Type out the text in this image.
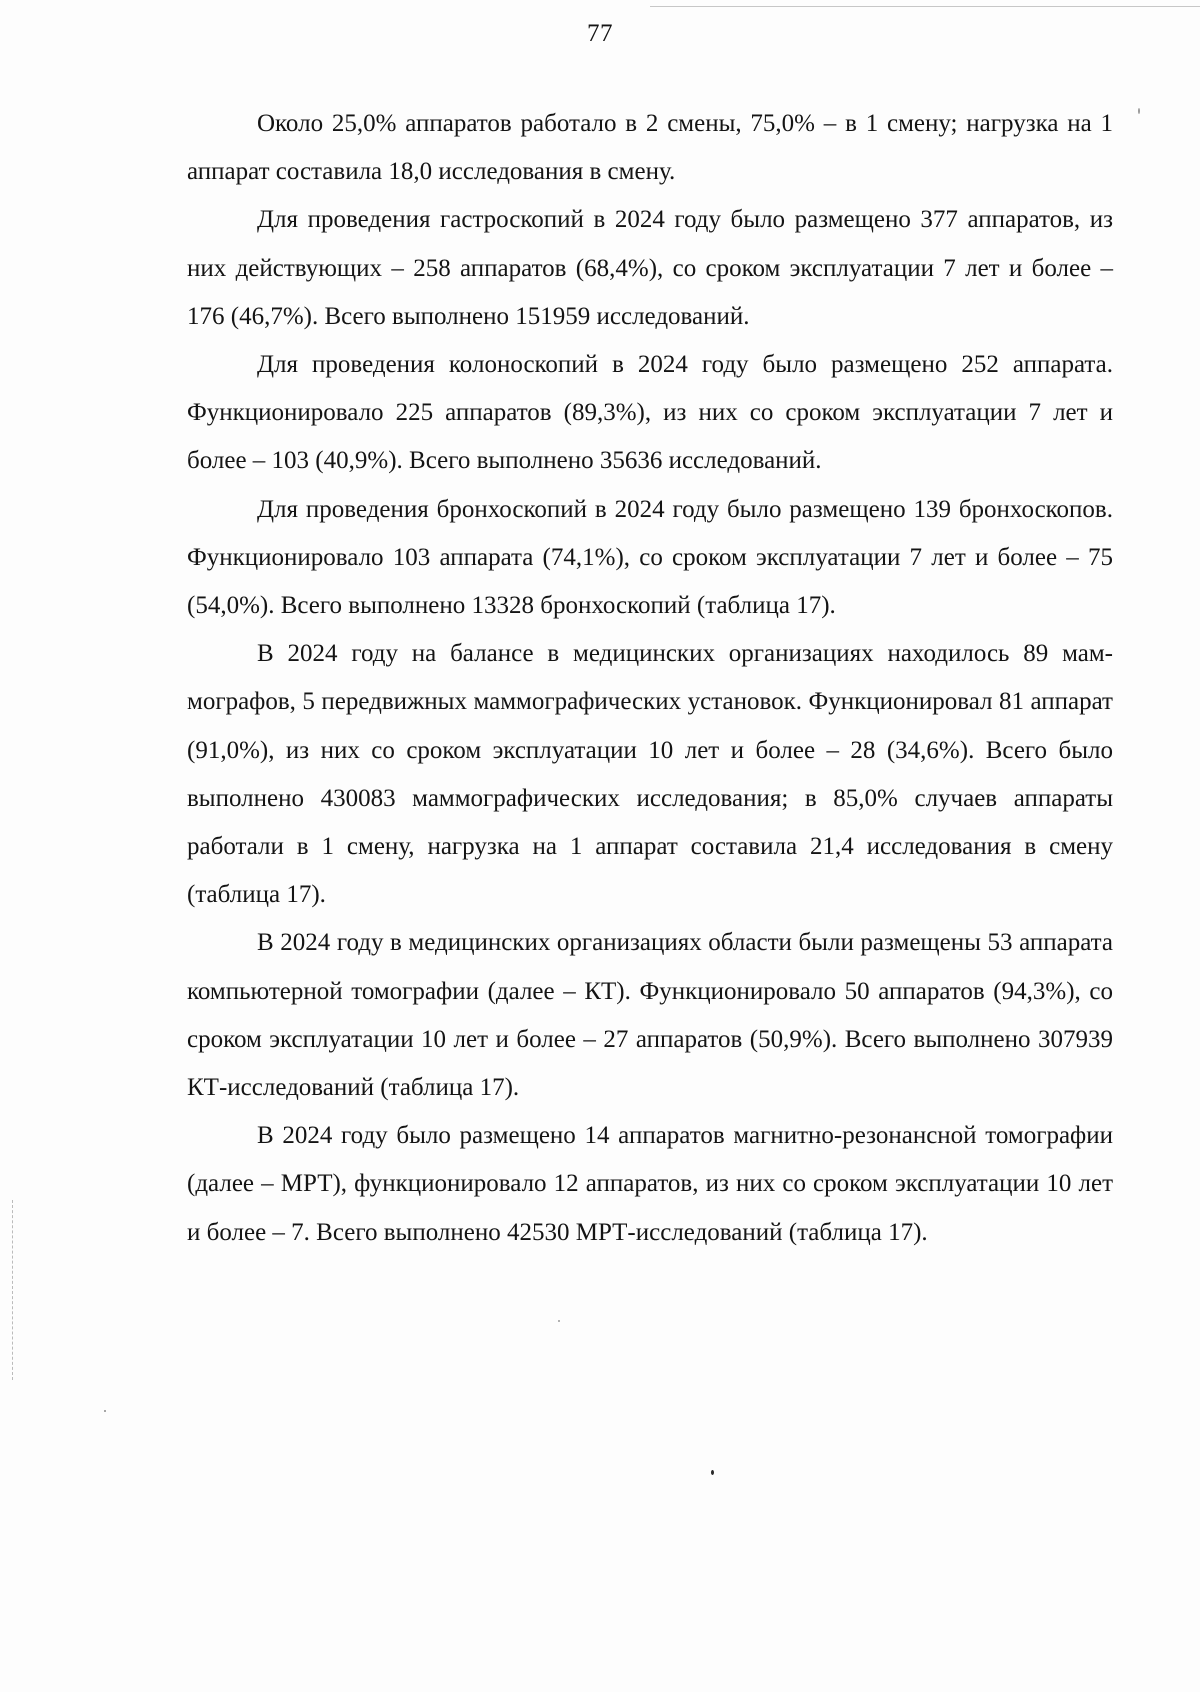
77

Около 25,0% аппаратов работало в 2 смены, 75,0% – в 1 смену; нагрузка на 1 аппарат составила 18,0 исследования в смену.

Для проведения гастроскопий в 2024 году было размещено 377 аппаратов, из них действующих – 258 аппаратов (68,4%), со сроком эксплуатации 7 лет и более – 176 (46,7%). Всего выполнено 151959 исследований.

Для проведения колоноскопий в 2024 году было размещено 252 аппарата. Функционировало 225 аппаратов (89,3%), из них со сроком эксплуатации 7 лет и более – 103 (40,9%). Всего выполнено 35636 исследований.

Для проведения бронхоскопий в 2024 году было размещено 139 бронхоскопов. Функционировало 103 аппарата (74,1%), со сроком эксплуатации 7 лет и более – 75 (54,0%). Всего выполнено 13328 бронхоскопий (таблица 17).

В 2024 году на балансе в медицинских организациях находилось 89 маммографов, 5 передвижных маммографических установок. Функционировал 81 аппарат (91,0%), из них со сроком эксплуатации 10 лет и более – 28 (34,6%). Всего было выполнено 430083 маммографических исследования; в 85,0% случаев аппараты работали в 1 смену, нагрузка на 1 аппарат составила 21,4 исследования в смену (таблица 17).

В 2024 году в медицинских организациях области были размещены 53 аппарата компьютерной томографии (далее – КТ). Функционировало 50 аппаратов (94,3%), со сроком эксплуатации 10 лет и более – 27 аппаратов (50,9%). Всего выполнено 307939 КТ-исследований (таблица 17).

В 2024 году было размещено 14 аппаратов магнитно-резонансной томографии (далее – МРТ), функционировало 12 аппаратов, из них со сроком эксплуатации 10 лет и более – 7. Всего выполнено 42530 МРТ-исследований (таблица 17).
